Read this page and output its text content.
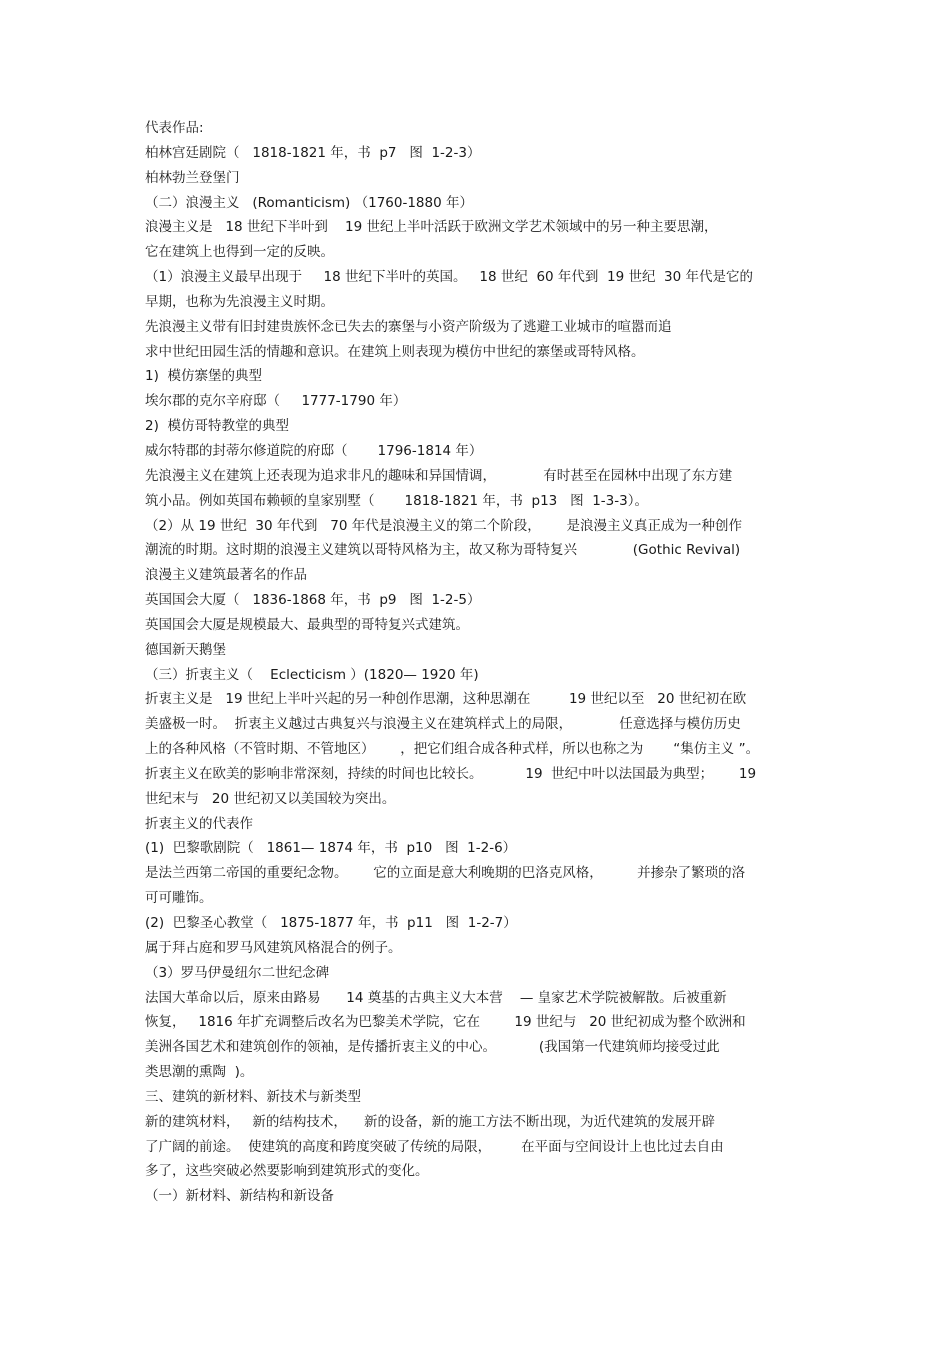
代表作品:
柏林宫廷剧院（   1818-1821 年，书  p7   图  1-2-3）
柏林勃兰登堡门
（二）浪漫主义   (Romanticism) （1760-1880 年）
浪漫主义是   18 世纪下半叶到    19 世纪上半叶活跃于欧洲文学艺术领域中的另一种主要思潮，
它在建筑上也得到一定的反映。
（1）浪漫主义最早出现于     18 世纪下半叶的英国。   18 世纪  60 年代到  19 世纪  30 年代是它的
早期，也称为先浪漫主义时期。
先浪漫主义带有旧封建贵族怀念已失去的寨堡与小资产阶级为了逃避工业城市的喧嚣而追
求中世纪田园生活的情趣和意识。在建筑上则表现为模仿中世纪的寨堡或哥特风格。
1)  模仿寨堡的典型
埃尔郡的克尔辛府邸（     1777-1790 年）
2)  模仿哥特教堂的典型
威尔特郡的封蒂尔修道院的府邸（       1796-1814 年）
先浪漫主义在建筑上还表现为追求非凡的趣味和异国情调，           有时甚至在园林中出现了东方建
筑小品。例如英国布赖顿的皇家别墅（       1818-1821 年，书  p13   图  1-3-3）。
（2）从 19 世纪  30 年代到   70 年代是浪漫主义的第二个阶段，      是浪漫主义真正成为一种创作
潮流的时期。这时期的浪漫主义建筑以哥特风格为主，故又称为哥特复兴             (Gothic Revival)
浪漫主义建筑最著名的作品
英国国会大厦（   1836-1868 年，书  p9   图  1-2-5）
英国国会大厦是规模最大、最典型的哥特复兴式建筑。
德国新天鹅堡
（三）折衷主义（    Eclecticism ）(1820— 1920 年)
折衷主义是   19 世纪上半叶兴起的另一种创作思潮，这种思潮在         19 世纪以至   20 世纪初在欧
美盛极一时。  折衷主义越过古典复兴与浪漫主义在建筑样式上的局限，           任意选择与模仿历史
上的各种风格（不管时期、不管地区）      ，把它们组合成各种式样，所以也称之为       “集仿主义 ”。
折衷主义在欧美的影响非常深刻，持续的时间也比较长。          19  世纪中叶以法国最为典型；      19
世纪末与   20 世纪初又以美国较为突出。
折衷主义的代表作
(1)  巴黎歌剧院（   1861— 1874 年，书  p10   图  1-2-6）
是法兰西第二帝国的重要纪念物。      它的立面是意大利晚期的巴洛克风格，        并掺杂了繁琐的洛
可可雕饰。
(2)  巴黎圣心教堂（   1875-1877 年，书  p11   图  1-2-7）
属于拜占庭和罗马风建筑风格混合的例子。
（3）罗马伊曼纽尔二世纪念碑
法国大革命以后，原来由路易      14 奠基的古典主义大本营    — 皇家艺术学院被解散。后被重新
恢复，   1816 年扩充调整后改名为巴黎美术学院，它在        19 世纪与   20 世纪初成为整个欧洲和
美洲各国艺术和建筑创作的领袖，是传播折衷主义的中心。          (我国第一代建筑师均接受过此
类思潮的熏陶  )。
三、建筑的新材料、新技术与新类型
新的建筑材料，   新的结构技术，    新的设备，新的施工方法不断出现，为近代建筑的发展开辟
了广阔的前途。  使建筑的高度和跨度突破了传统的局限，       在平面与空间设计上也比过去自由
多了，这些突破必然要影响到建筑形式的变化。
（一）新材料、新结构和新设备
